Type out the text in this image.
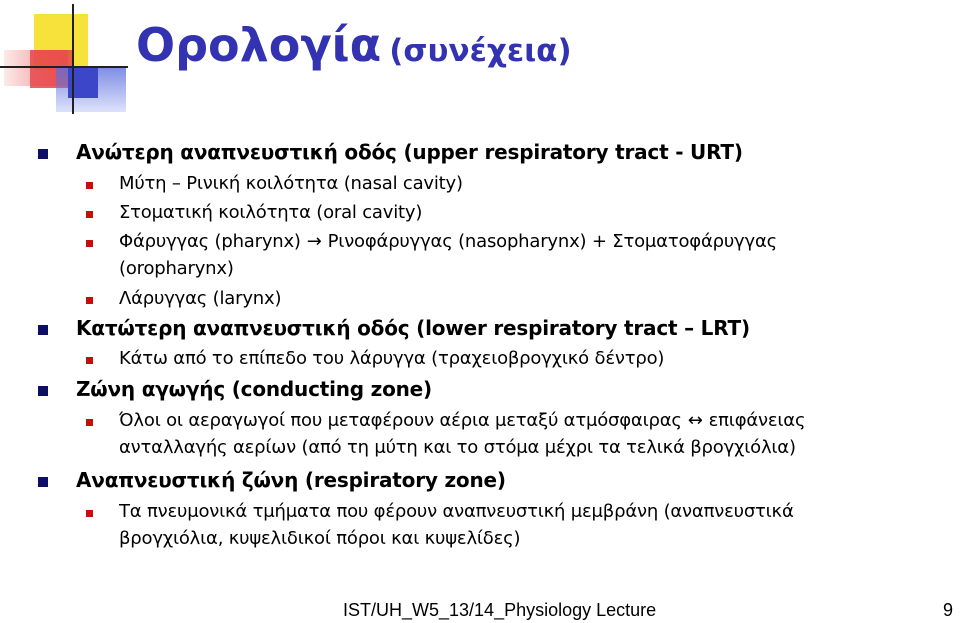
Ορολογία (συνέχεια)
Ανώτερη αναπνευστική οδός (upper respiratory tract - URT)
Μύτη – Ρινική κοιλότητα (nasal cavity)
Στοματική κοιλότητα (oral cavity)
Φάρυγγας (pharynx) → Ρινοφάρυγγας (nasopharynx) + Στοματοφάρυγγας
(oropharynx)
Λάρυγγας (larynx)
Κατώτερη αναπνευστική οδός (lower respiratory tract – LRT)
Κάτω από το επίπεδο του λάρυγγα (τραχειοβρογχικό δέντρο)
Ζώνη αγωγής (conducting zone)
Όλοι οι αεραγωγοί που μεταφέρουν αέρια μεταξύ ατμόσφαιρας ↔ επιφάνειας
ανταλλαγής αερίων (από τη μύτη και το στόμα μέχρι τα τελικά βρογχιόλια)
Αναπνευστική ζώνη (respiratory zone)
Τα πνευμονικά τμήματα που φέρουν αναπνευστική μεμβράνη (αναπνευστικά
βρογχιόλια, κυψελιδικοί πόροι και κυψελίδες)
IST/UH_W5_13/14_Physiology Lecture	9
